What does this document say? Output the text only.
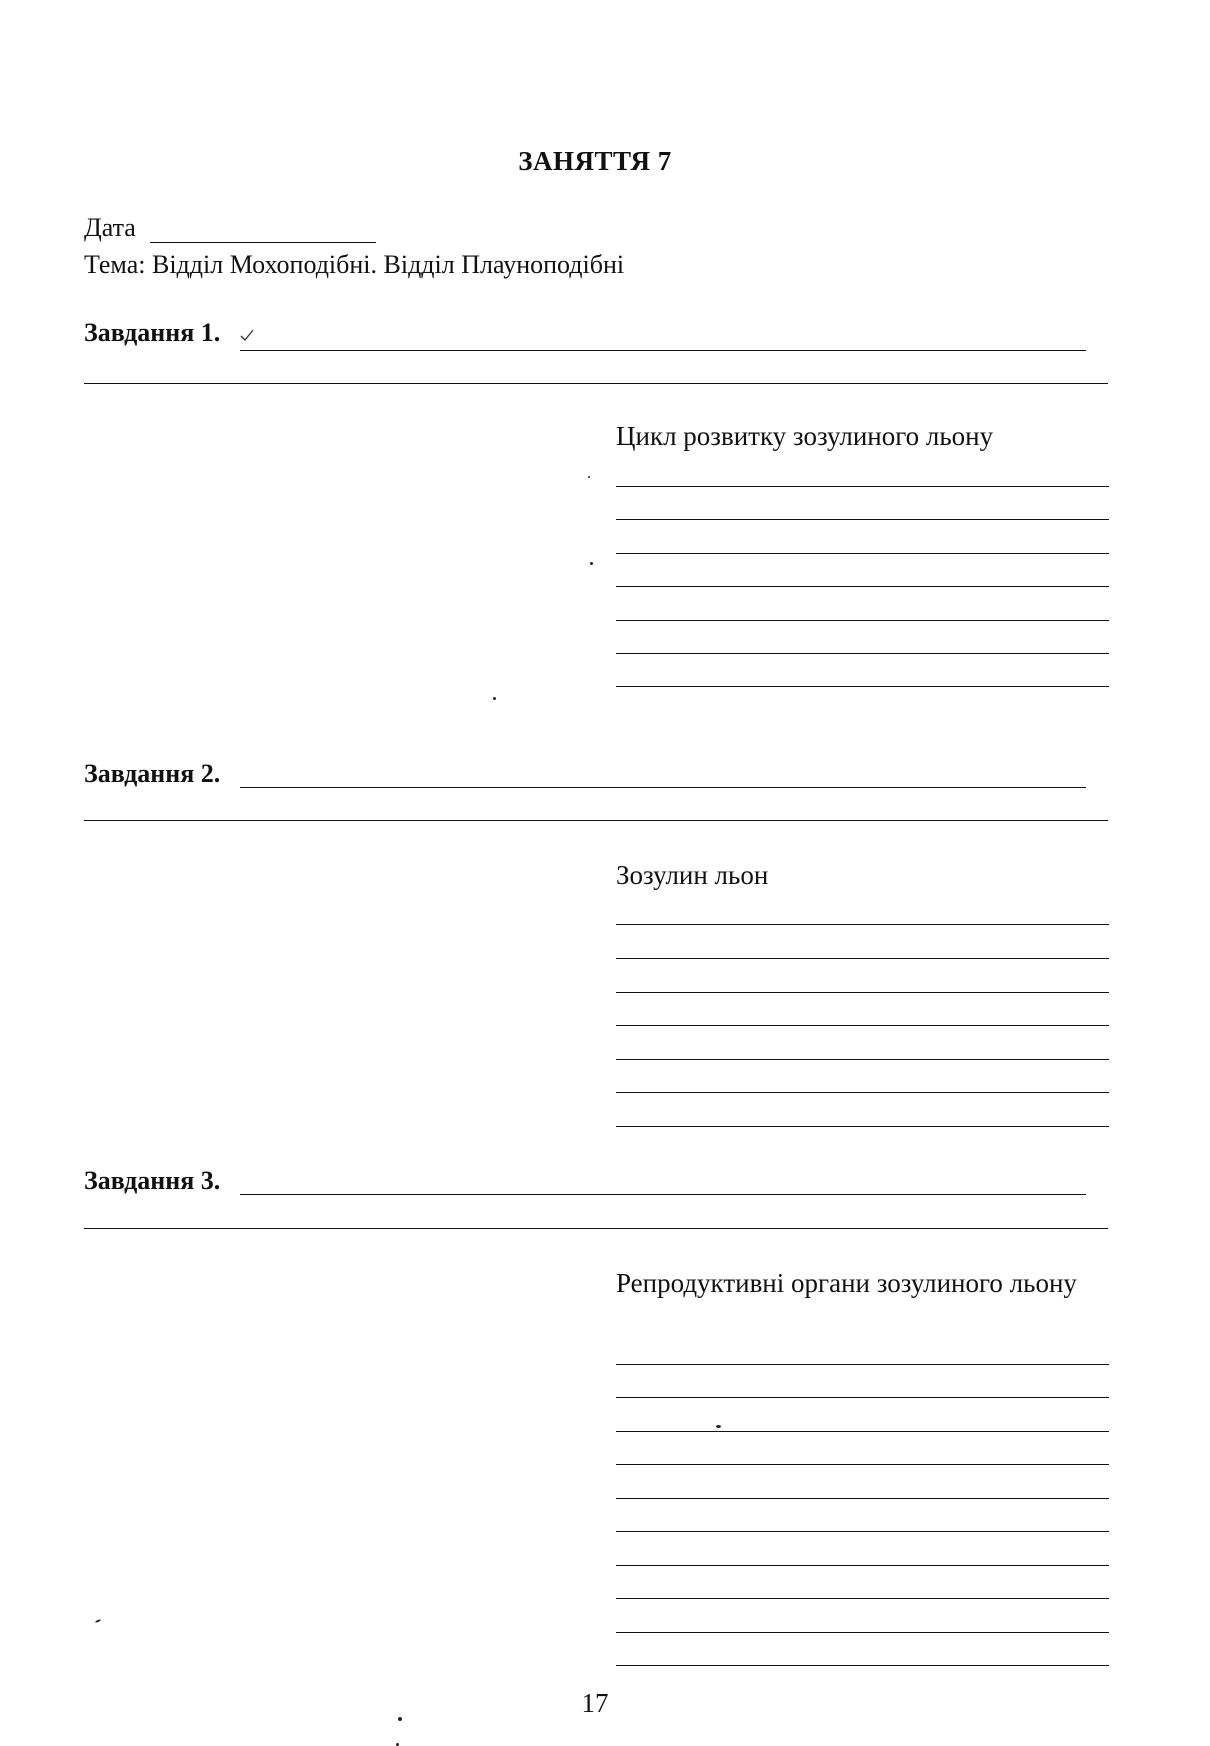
ЗАНЯТТЯ 7
Дата
Тема: Відділ Мохоподібні. Відділ Плауноподібні
Завдання 1.
Цикл розвитку зозулиного льону
Завдання 2.
Зозулин льон
Завдання 3.
Репродуктивні органи зозулиного льону
17
